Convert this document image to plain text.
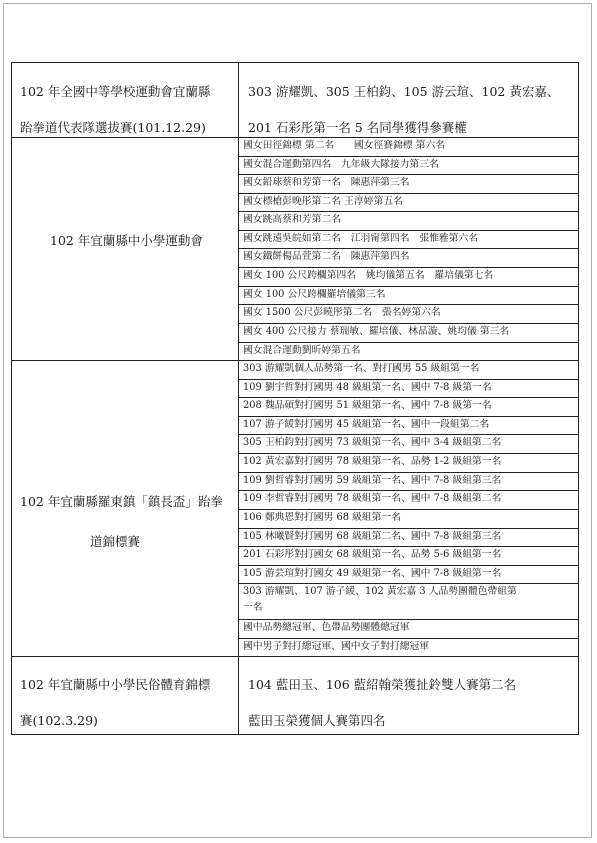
102 年全國中等學校運動會宜蘭縣
跆拳道代表隊選拔賽(101.12.29)
303 游耀凱、305 王柏鈞、105 游云瑄、102 黃宏嘉、
201 石彩彤第一名 5 名同學獲得參賽權
102 年宜蘭縣中小學運動會
國女田徑錦標 第二名　　國女徑賽錦標 第六名
國女混合運動第四名　九年級大隊接力第三名
國女鉛球蔡和芳第一名　陳惠萍第三名
國女標槍彭晚彤第二名 王淳婷第五名
國女跳高蔡和芳第二名
國女跳遠吳皖如第二名　江羽甯第四名　張惟雅第六名
國女鐵餅楊品萱第二名　陳惠萍第四名
國女 100 公尺跨欄第四名　姚均儀第五名　羅培儀第七名
國女 100 公尺跨欄羅培儀第三名
國女 1500 公尺彭曉彤第二名　張名婷第六名
國女 400 公尺接力 蔡瑞敏、羅培儀、林品漩、姚均儀 第三名
國女混合運動劉昕婷第五名
102 年宜蘭縣羅東鎮「鎮長盃」跆拳
道錦標賽
303 游耀凱個人品勢第一名、對打國男 55 級組第一名
109 劉宇哲對打國男 48 級組第一名、國中 7-8 級第一名
208 魏品碩對打國男 51 級組第一名、國中 7-8 級第一名
107 游子緩對打國男 45 級組第一名、國中一段組第二名
305 王柏鈞對打國男 73 級組第一名、國中 3-4 級組第二名
102 黃宏嘉對打國男 78 級組第一名、品勢 1-2 級組第一名
109 劉哲睿對打國男 59 級組第一名、國中 7-8 級組第三名
109 李哲睿對打國男 78 級組第一名、國中 7-8 級組第二名
106 鄭典恩對打國男 68 級組第一名
105 林曦賢對打國男 68 級組第二名、國中 7-8 級組第三名
201 石彩彤對打國女 68 級組第一名、品勢 5-6 級組第一名
105 游芸瑄對打國女 49 級組第一名、國中 7-8 級組第一名
303 游耀凱、107 游子緩、102 黃宏嘉 3 人品勢團體色帶組第
一名
國中品勢總冠軍、色帶品勢團體總冠軍
國中男子對打總冠軍、國中女子對打總冠軍
102 年宜蘭縣中小學民俗體育錦標
賽(102.3.29)
104 藍田玉、106 藍紹翰榮獲扯鈴雙人賽第二名
藍田玉榮獲個人賽第四名
